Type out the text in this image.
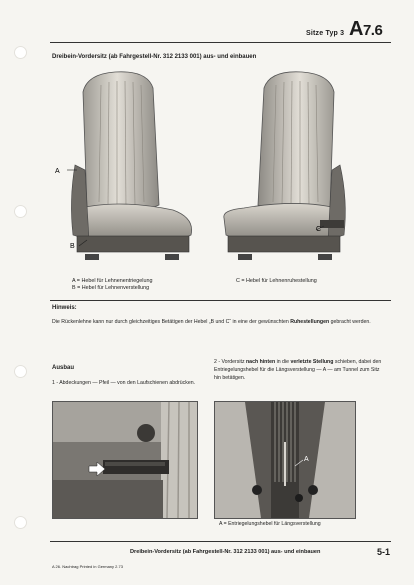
Sitze Typ 3 A7.6
Dreibein-Vordersitz (ab Fahrgestell-Nr. 312 2133 001) aus- und einbauen
A
B
C
A = Hebel für Lehnenentriegelung
B = Hebel für Lehnenverstellung
C = Hebel für Lehnenruhestellung
Hinweis:
Die Rückenlehne kann nur durch gleichzeitiges Betätigen der Hebel „B und C“ in eine der gewünschten Ruhestellungen gebracht werden.
Ausbau
1 - Abdeckungen — Pfeil — von den Laufschienen abdrücken.
2 - Vordersitz nach hinten in die verletzte Stellung schieben, dabei den Entriegelungshebel für die Längsverstellung — A — am Tunnel zum Sitz hin betätigen.
A
A = Entriegelungshebel für Längsverstellung
Dreibein-Vordersitz (ab Fahrgestell-Nr. 312 2133 001) aus- und einbauen	5-1
A 26. Nachtrag Printed in Germany 2.73
